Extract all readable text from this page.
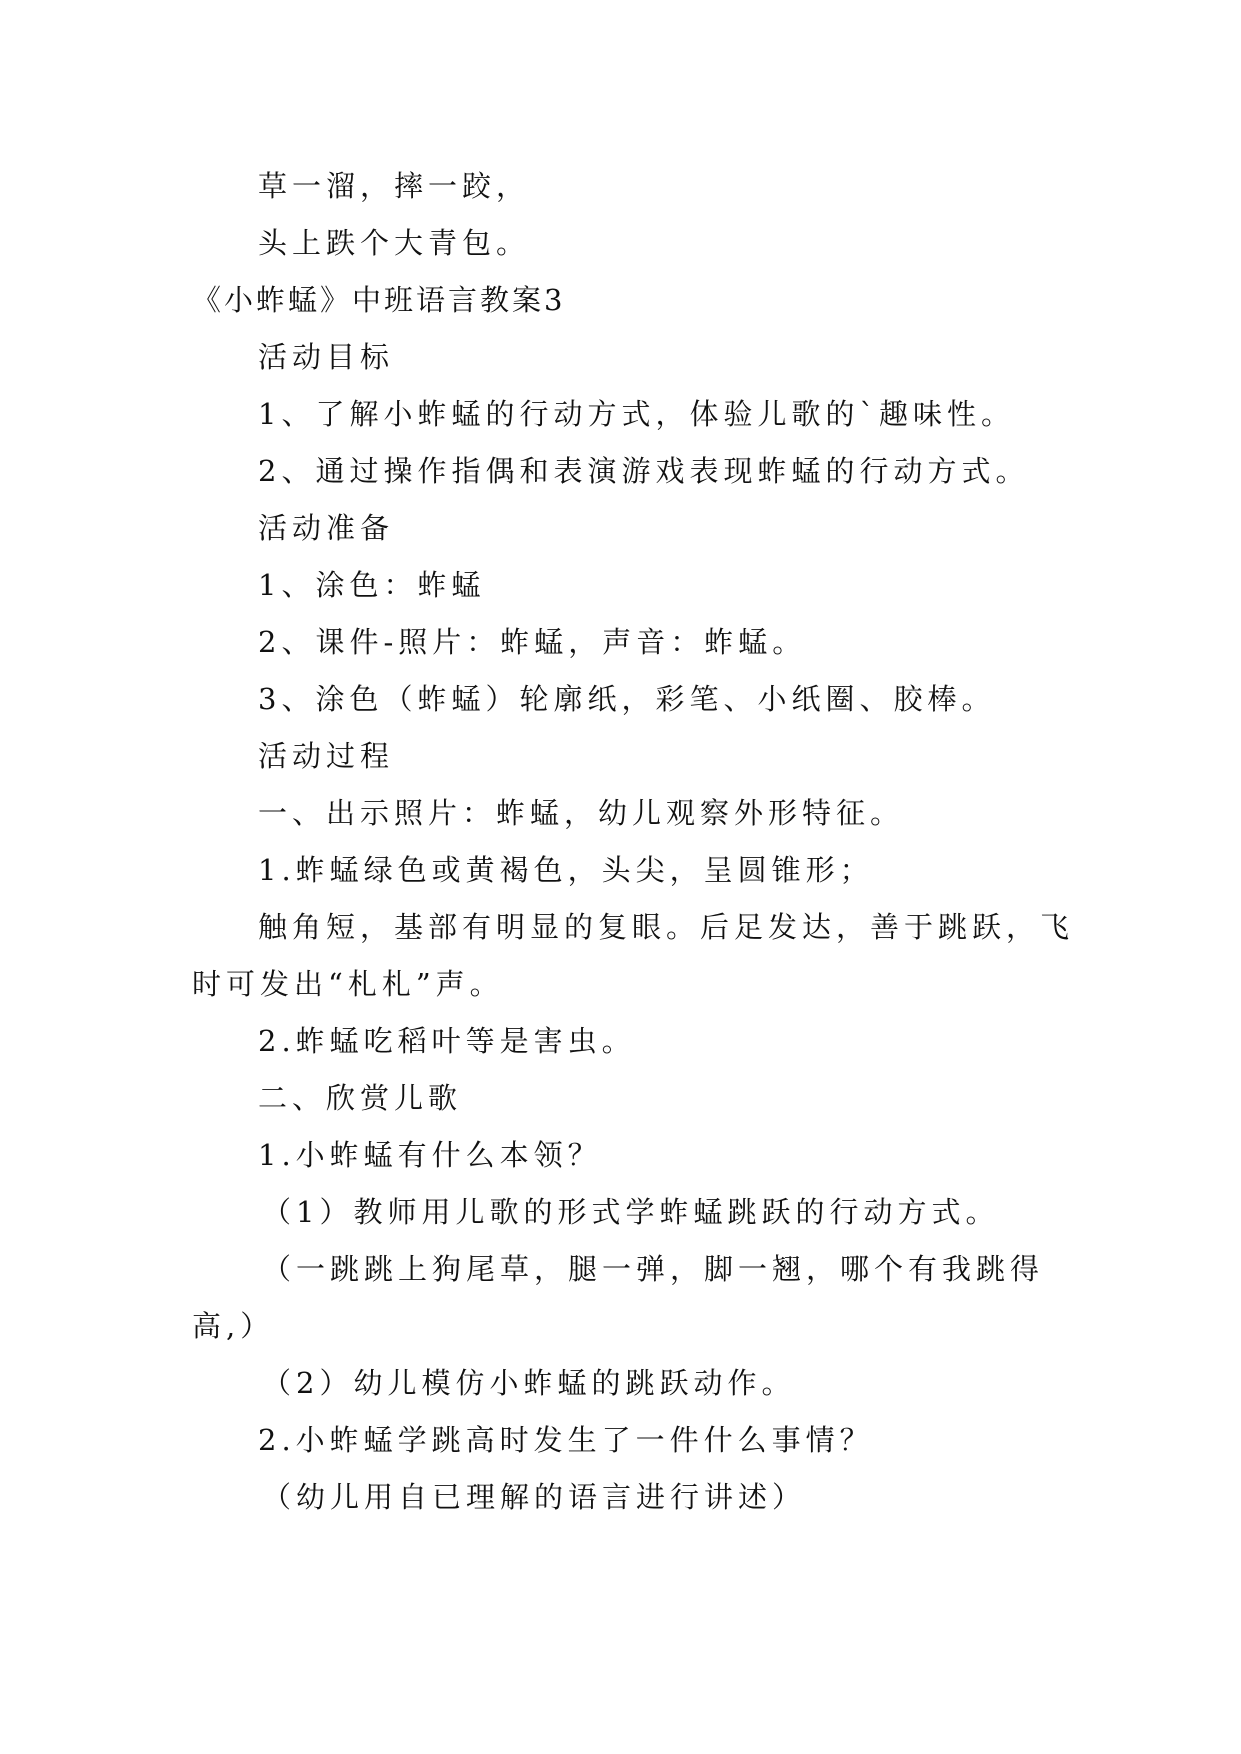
草一溜，摔一跤，
头上跌个大青包。
《小蚱蜢》中班语言教案3
活动目标
1、了解小蚱蜢的行动方式，体验儿歌的`趣味性。
2、通过操作指偶和表演游戏表现蚱蜢的行动方式。
活动准备
1、涂色：蚱蜢
2、课件-照片：蚱蜢，声音：蚱蜢。
3、涂色（蚱蜢）轮廓纸，彩笔、小纸圈、胶棒。
活动过程
一、出示照片：蚱蜢，幼儿观察外形特征。
1.蚱蜢绿色或黄褐色，头尖，呈圆锥形；
触角短，基部有明显的复眼。后足发达，善于跳跃，飞
时可发出“札札”声。
2.蚱蜢吃稻叶等是害虫。
二、欣赏儿歌
1.小蚱蜢有什么本领？
（1）教师用儿歌的形式学蚱蜢跳跃的行动方式。
（一跳跳上狗尾草，腿一弹，脚一翘，哪个有我跳得
高,）
（2）幼儿模仿小蚱蜢的跳跃动作。
2.小蚱蜢学跳高时发生了一件什么事情？
（幼儿用自已理解的语言进行讲述）
